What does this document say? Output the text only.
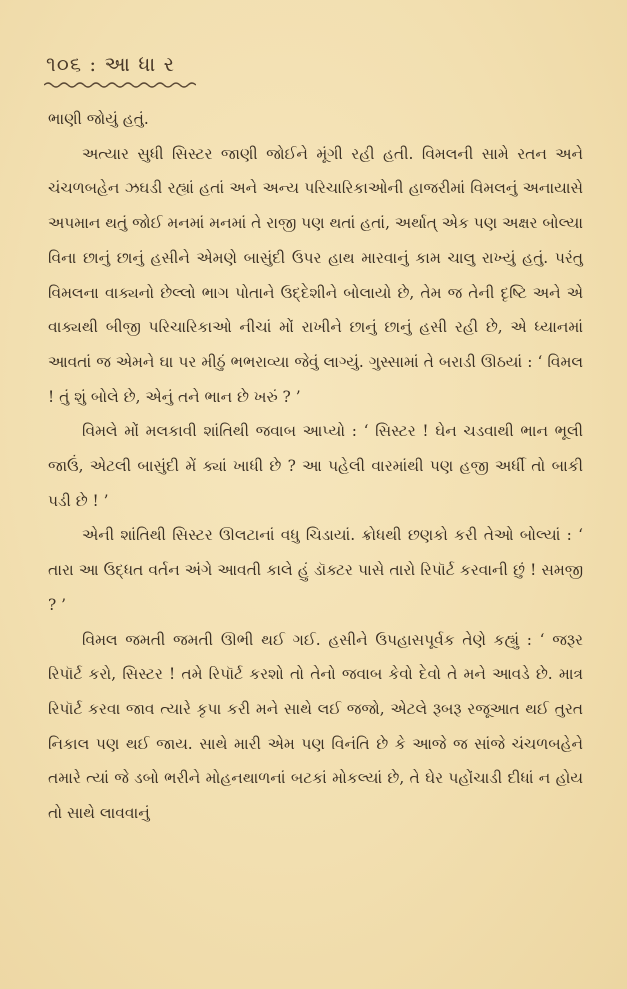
૧૦૬ : આ ધા ર

ભાણી જોયું હતું.

અત્યાર સુધી સિસ્ટર જાણી જોઈને મૂંગી રહી હતી. વિમલની સામે રતન અને ચંચળબહેન ઝઘડી રહ્યાં હતાં અને અન્ય પરિચારિકાઓની હાજરીમાં વિમલનું અનાયાસે અપમાન થતું જોઈ મનમાં મનમાં તે રાજી પણ થતાં હતાં, અર્થાત્ એક પણ અક્ષર બોલ્યા વિના છાનું છાનું હસીને એમણે બાસુંદી ઉપર હાથ મારવાનું કામ ચાલુ રાખ્યું હતું. પરંતુ વિમલના વાક્યનો છેલ્લો ભાગ પોતાને ઉદ્દેશીને બોલાયો છે, તેમ જ તેની દૃષ્ટિ અને એ વાક્યથી બીજી પરિચારિકાઓ નીચાં મોં રાખીને છાનું છાનું હસી રહી છે, એ ધ્યાનમાં આવતાં જ એમને ઘા પર મીઠું ભભરાવ્યા જેવું લાગ્યું. ગુસ્સામાં તે બરાડી ઊઠયાં : ‘ વિમલ ! તું શું બોલે છે, એનું તને ભાન છે ખરું ? ’

વિમલે મોં મલકાવી શાંતિથી જવાબ આપ્યો : ‘ સિસ્ટર ! ઘેન ચડવાથી ભાન ભૂલી જાઉં, એટલી બાસુંદી મેં ક્યાં ખાધી છે ? આ પહેલી વારમાંથી પણ હજી અર્ધી તો બાકી પડી છે ! ’

એની શાંતિથી સિસ્ટર ઊલટાનાં વધુ ચિડાયાં. ક્રોધથી છણકો કરી તેઓ બોલ્યાં : ‘ તારા આ ઉદ્ધત વર્તન અંગે આવતી કાલે હું ડૉક્ટર પાસે તારો રિપૉર્ટ કરવાની છું ! સમજી ? ’

વિમલ જમતી જમતી ઊભી થઈ ગઈ. હસીને ઉપહાસપૂર્વક તેણે કહ્યું : ‘ જરૂર રિપૉર્ટ કરો, સિસ્ટર ! તમે રિપૉર્ટ કરશો તો તેનો જવાબ કેવો દેવો તે મને આવડે છે. માત્ર રિપૉર્ટ કરવા જાવ ત્યારે કૃપા કરી મને સાથે લઈ જજો, એટલે રૂબરૂ રજૂઆત થઈ તુરત નિકાલ પણ થઈ જાય. સાથે મારી એમ પણ વિનંતિ છે કે આજે જ સાંજે ચંચળબહેને તમારે ત્યાં જે ડબો ભરીને મોહનથાળનાં બટકાં મોકલ્યાં છે, તે ઘેર પહોંચાડી દીધાં ન હોય તો સાથે લાવવાનું
